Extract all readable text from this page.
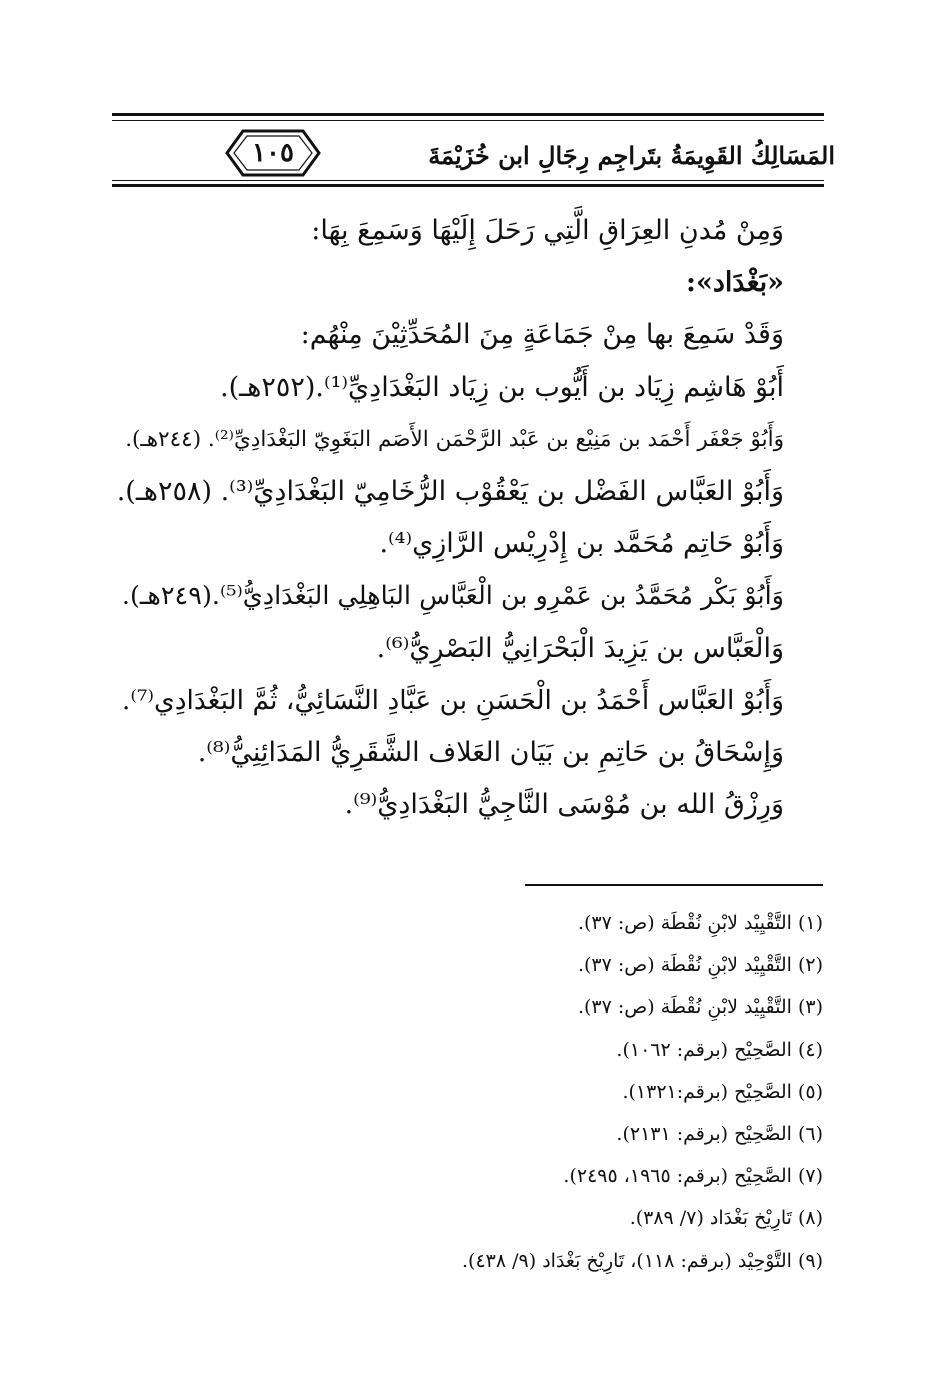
المَسَالِكُ القَوِيمَةُ بتَراجِم رِجَالِ ابن خُزَيْمَةَ
١٠٥
وَمِنْ مُدنِ العِرَاقِ الَّتِي رَحَلَ إِلَيْهَا وَسَمِعَ بِهَا:
«بَغْدَاد»:
وَقَدْ سَمِعَ بها مِنْ جَمَاعَةٍ مِنَ المُحَدِّثِيْنَ مِنْهُم:
أَبُوْ هَاشِم زِيَاد بن أَيُّوب بن زِيَاد البَغْدَادِيِّ⁽¹⁾.(٢٥٢هـ).
وَأَبُوْ جَعْفَر أَحْمَد بن مَنِيْع بن عَبْد الرَّحْمَن الأَصَم البَغَوِيّ البَغْدَادِيِّ⁽²⁾. (٢٤٤هـ).
وَأَبُوْ العَبَّاس الفَضْل بن يَعْقُوْب الرُّخَامِيّ البَغْدَادِيِّ⁽³⁾. (٢٥٨هـ).
وَأَبُوْ حَاتِم مُحَمَّد بن إِدْرِيْس الرَّازِي⁽⁴⁾.
وَأَبُوْ بَكْر مُحَمَّدُ بن عَمْرِو بن الْعَبَّاسِ البَاهِلِي البَغْدَادِيُّ⁽⁵⁾.(٢٤٩هـ).
وَالْعَبَّاس بن يَزِيدَ الْبَحْرَانِيُّ البَصْرِيُّ⁽⁶⁾.
وَأَبُوْ العَبَّاس أَحْمَدُ بن الْحَسَنِ بن عَبَّادِ النَّسَائِيُّ، ثُمَّ البَغْدَادِي⁽⁷⁾.
وَإِسْحَاقُ بن حَاتِمِ بن بَيَان العَلاف الشَّقَرِيُّ المَدَائِنِيُّ⁽⁸⁾.
وَرِزْقُ الله بن مُوْسَى النَّاجِيُّ البَغْدَادِيُّ⁽⁹⁾.
(١) التَّقْيِيْد لابْنِ نُقْطَة (ص: ٣٧).
(٢) التَّقْيِيْد لابْنِ نُقْطَة (ص: ٣٧).
(٣) التَّقْيِيْد لابْنِ نُقْطَة (ص: ٣٧).
(٤) الصَّحِيْح (برقم: ١٠٦٢).
(٥) الصَّحِيْح (برقم:١٣٢١).
(٦) الصَّحِيْح (برقم: ٢١٣١).
(٧) الصَّحِيْح (برقم: ١٩٦٥، ٢٤٩٥).
(٨) تَارِيْخ بَغْدَاد (٧/ ٣٨٩).
(٩) التَّوْحِيْد (برقم: ١١٨)، تَارِيْخ بَغْدَاد (٩/ ٤٣٨).
